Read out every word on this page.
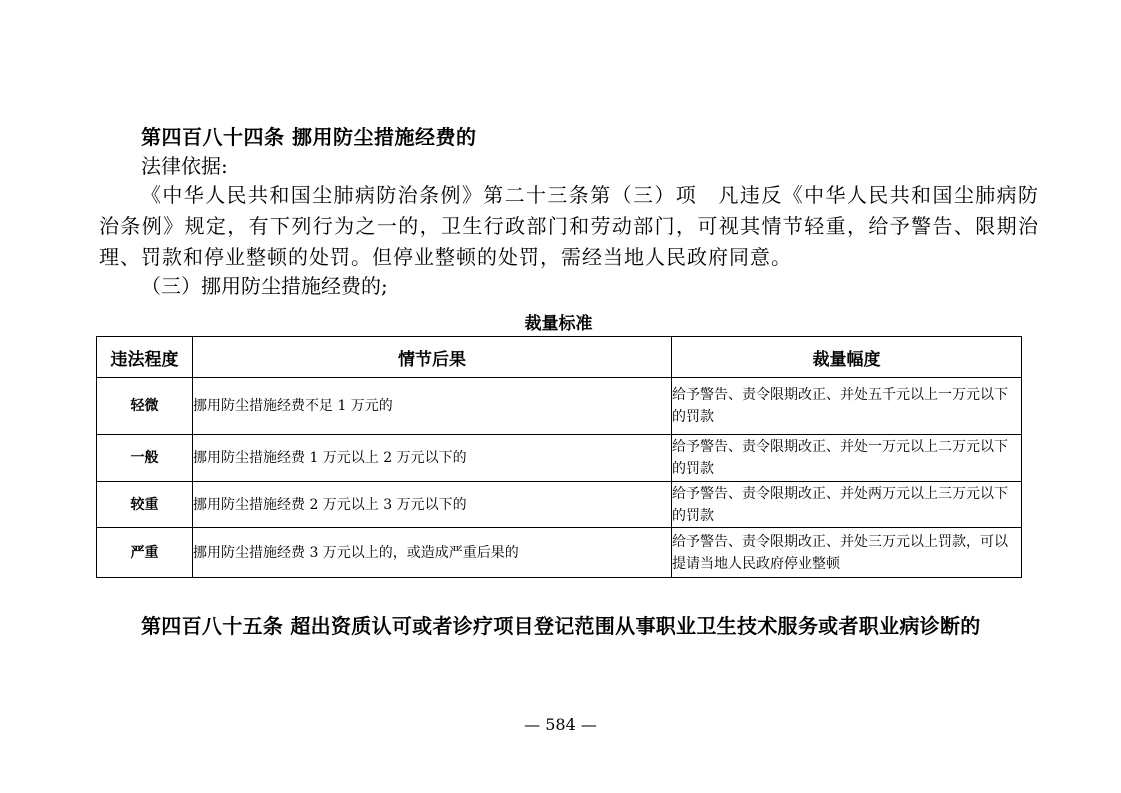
第四百八十四条 挪用防尘措施经费的
法律依据:

《中华人民共和国尘肺病防治条例》第二十三条第（三）项　凡违反《中华人民共和国尘肺病防治条例》规定，有下列行为之一的，卫生行政部门和劳动部门，可视其情节轻重，给予警告、限期治理、罚款和停业整顿的处罚。但停业整顿的处罚，需经当地人民政府同意。

（三）挪用防尘措施经费的;
裁量标准
违法程度	情节后果	裁量幅度
轻微	挪用防尘措施经费不足 1 万元的	给予警告、责令限期改正、并处五千元以上一万元以下的罚款
一般	挪用防尘措施经费 1 万元以上 2 万元以下的	给予警告、责令限期改正、并处一万元以上二万元以下的罚款
较重	挪用防尘措施经费 2 万元以上 3 万元以下的	给予警告、责令限期改正、并处两万元以上三万元以下的罚款
严重	挪用防尘措施经费 3 万元以上的，或造成严重后果的	给予警告、责令限期改正、并处三万元以上罚款，可以提请当地人民政府停业整顿

第四百八十五条 超出资质认可或者诊疗项目登记范围从事职业卫生技术服务或者职业病诊断的

— 584 —
